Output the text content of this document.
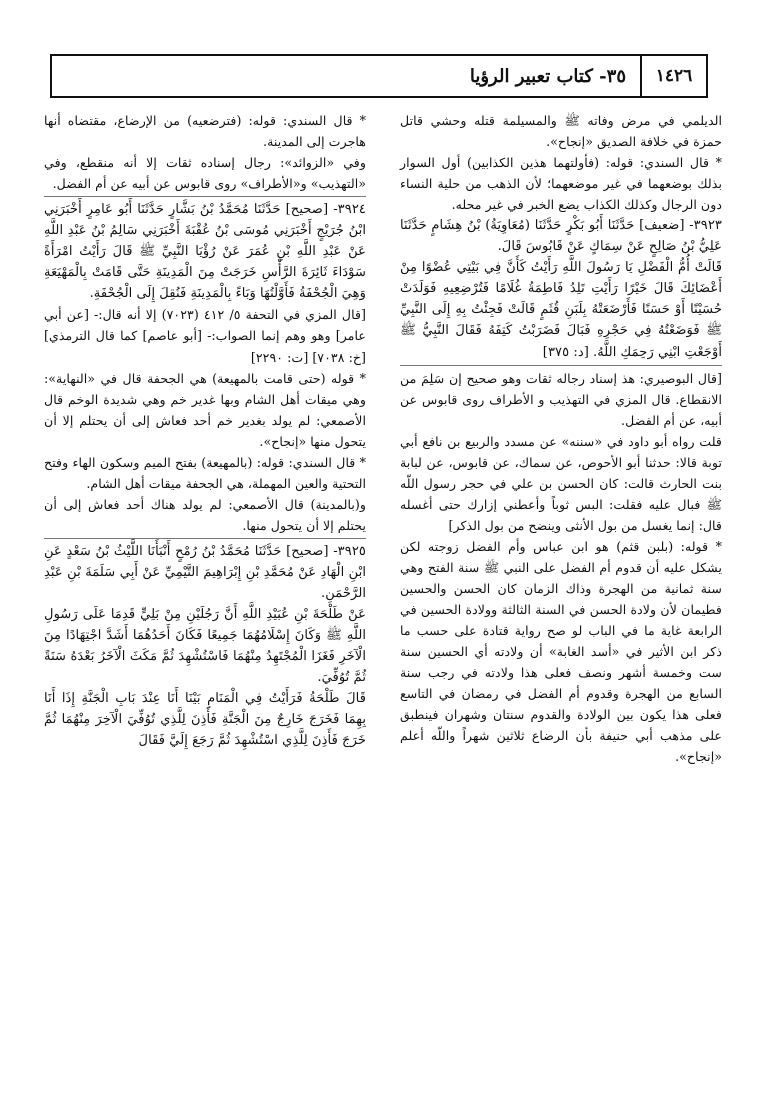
١٤٢٦
٣٥- كتاب تعبير الرؤيا

الديلمي في مرض وفاته ﷺ والمسيلمة قتله وحشي قاتل حمزة في خلافة الصديق «إنجاح».

* قال السندي: قوله: (فأولتهما هذين الكذابين) أول السوار بذلك بوضعهما في غير موضعهما؛ لأن الذهب من حلية النساء دون الرجال وكذلك الكذاب يضع الخبر في غير محله.

٣٩٢٣- [ضعيف] حَدَّثَنَا أَبُو بَكْرٍ حَدَّثَنَا (مُعَاوِيَةُ) بْنُ هِشَامٍ حَدَّثَنَا عَلِيُّ بْنُ صَالِحٍ عَنْ سِمَاكٍ عَنْ قَابُوسَ قَالَ.

قَالَتْ أُمُّ الْفَضْلِ يَا رَسُولَ اللَّهِ رَأَيْتُ كَأَنَّ فِي بَيْتِي عُضْوًا مِنْ أَعْضَائِكَ قَالَ خَيْرًا رَأَيْتِ تَلِدُ فَاطِمَةُ غُلَامًا فَتُرْضِعِيهِ فَوَلَدَتْ حُسَيْنًا أَوْ حَسَنًا فَأَرْضَعَتْهُ بِلَبَنِ قُثَمٍ قَالَتْ فَجِئْتُ بِهِ إِلَى النَّبِيِّ ﷺ فَوَضَعْتُهُ فِي حَجْرِهِ فَبَالَ فَضَرَبْتُ كَتِفَهُ فَقَالَ النَّبِيُّ ﷺ أَوْجَعْتِ ابْنِي رَحِمَكِ اللَّهُ. [د: ٣٧٥]

[قال البوصيري: هذ إسناد رجاله ثقات وهو صحيح إن سَلِمَ من الانقطاع. قال المزي في التهذيب و الأطراف روى قابوس عن أبيه، عن أم الفضل.

قلت رواه أبو داود في «سننه» عن مسدد والربيع بن نافع أبي توبة قالا: حدثنا أبو الأحوص، عن سماك، عن قابوس، عن لبابة بنت الحارث قالت: كان الحسن بن علي في حجر رسول اللّه ﷺ فبال عليه فقلت: البس ثوباً وأعطني إزارك حتى أغسله قال: إنما يغسل من بول الأنثى وينضح من بول الذكر]

* قوله: (بلبن قثم) هو ابن عباس وأم الفضل زوجته لكن يشكل عليه أن قدوم أم الفضل على النبي ﷺ سنة الفتح وهي سنة ثمانية من الهجرة وذاك الزمان كان الحسن والحسين فطيمان لأن ولادة الحسن في السنة الثالثة وولادة الحسين في الرابعة غاية ما في الباب لو صح رواية قتادة على حسب ما ذكر ابن الأثير في «أسد الغابة» أن ولادته أي الحسين سنة ست وخمسة أشهر ونصف فعلى هذا ولادته في رجب سنة السابع من الهجرة وقدوم أم الفضل في رمضان في التاسع فعلى هذا يكون بين الولادة والقدوم سنتان وشهران فينطبق على مذهب أبي حنيفة بأن الرضاع ثلاثين شهراً واللّه أعلم «إنجاح».

* قال السندي: قوله: (فترضعيه) من الإرضاع، مقتضاه أنها هاجرت إلى المدينة.

وفي «الزوائد»: رجال إسناده ثقات إلا أنه منقطع، وفي «التهذيب» و«الأطراف» روى قابوس عن أبيه عن أم الفضل.

٣٩٢٤- [صحيح] حَدَّثَنَا مُحَمَّدُ بْنُ بَشَّارٍ حَدَّثَنَا أَبُو عَامِرٍ أَخْبَرَنِي ابْنُ جُرَيْجٍ أَخْبَرَنِي مُوسَى بْنُ عُقْبَةَ أَخْبَرَنِي سَالِمُ بْنُ عَبْدِ اللَّهِ عَنْ عَبْدِ اللَّهِ بْنِ عُمَرَ عَنْ رُؤْيَا النَّبِيِّ ﷺ قَالَ رَأَيْتُ امْرَأَةً سَوْدَاءَ ثَائِرَةَ الرَّأْسِ خَرَجَتْ مِنَ الْمَدِينَةِ حَتَّى قَامَتْ بِالْمَهْيَعَةِ وَهِيَ الْجُحْفَةُ فَأَوَّلْتُهَا وَبَاءً بِالْمَدِينَةِ فَنُقِلَ إِلَى الْجُحْفَةِ.

[قال المزي في التحفة ٥/ ٤١٢ (٧٠٢٣) إلا أنه قال:- [عن أبي عامر] وهو وهم إنما الصواب:- [أبو عاصم] كما قال الترمذي] [خ: ٧٠٣٨] [ت: ٢٢٩٠]

* قوله (حتى قامت بالمهيعة) هي الجحفة قال في «النهاية»: وهي ميقات أهل الشام وبها غدير خم وهي شديدة الوخم قال الأصمعي: لم يولد بغدير خم أحد فعاش إلى أن يحتلم إلا أن يتحول منها «إنجاح».

* قال السندي: قوله: (بالمهيعة) بفتح الميم وسكون الهاء وفتح التحتية والعين المهملة، هي الجحفة ميقات أهل الشام.

و(بالمدينة) قال الأصمعي: لم يولد هناك أحد فعاش إلى أن يحتلم إلا أن يتحول منها.

٣٩٢٥- [صحيح] حَدَّثَنَا مُحَمَّدُ بْنُ رُمْحٍ أَنْبَأَنَا اللَّيْثُ بْنُ سَعْدٍ عَنِ ابْنِ الْهَادِ عَنْ مُحَمَّدِ بْنِ إِبْرَاهِيمَ التَّيْمِيِّ عَنْ أَبِي سَلَمَةَ بْنِ عَبْدِ الرَّحْمَنِ.

عَنْ طَلْحَةَ بْنِ عُبَيْدِ اللَّهِ أَنَّ رَجُلَيْنِ مِنْ بَلِيٍّ قَدِمَا عَلَى رَسُولِ اللَّهِ ﷺ وَكَانَ إِسْلَامُهُمَا جَمِيعًا فَكَانَ أَحَدُهُمَا أَشَدَّ اجْتِهَادًا مِنَ الْآخَرِ فَغَزَا الْمُجْتَهِدُ مِنْهُمَا فَاسْتُشْهِدَ ثُمَّ مَكَثَ الْآخَرُ بَعْدَهُ سَنَةً ثُمَّ تُوُفِّيَ.

قَالَ طَلْحَةُ فَرَأَيْتُ فِي الْمَنَامِ بَيْنَا أَنَا عِنْدَ بَابِ الْجَنَّةِ إِذَا أَنَا بِهِمَا فَخَرَجَ خَارِجٌ مِنَ الْجَنَّةِ فَأَذِنَ لِلَّذِي تُوُفِّيَ الْآخِرَ مِنْهُمَا ثُمَّ خَرَجَ فَأَذِنَ لِلَّذِي اسْتُشْهِدَ ثُمَّ رَجَعَ إِلَيَّ فَقَالَ
